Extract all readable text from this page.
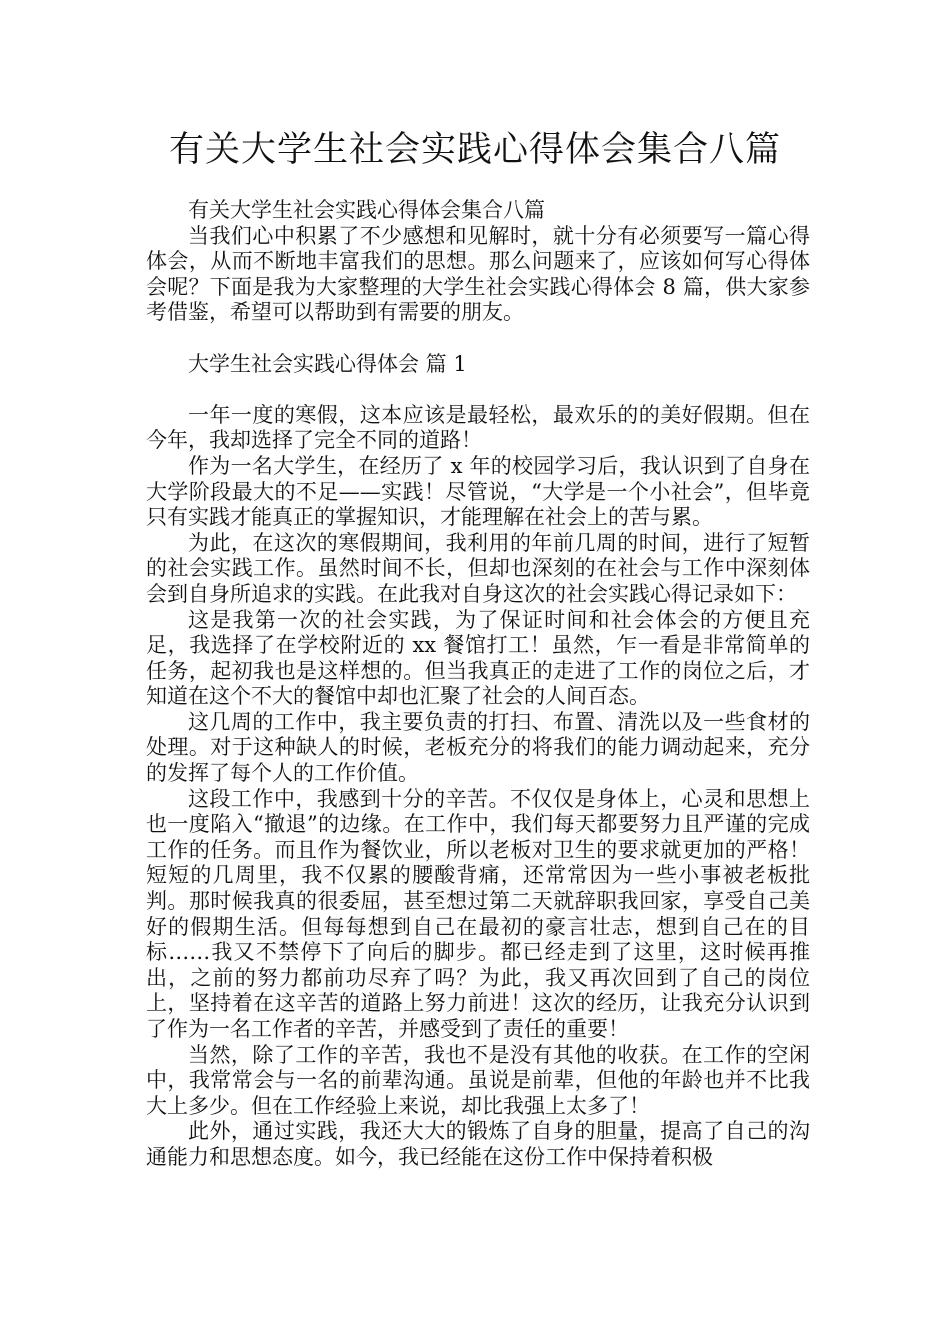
有关大学生社会实践心得体会集合八篇

有关大学生社会实践心得体会集合八篇

当我们心中积累了不少感想和见解时，就十分有必须要写一篇心得体会，从而不断地丰富我们的思想。那么问题来了，应该如何写心得体会呢？下面是我为大家整理的大学生社会实践心得体会 8 篇，供大家参考借鉴，希望可以帮助到有需要的朋友。

大学生社会实践心得体会 篇 1

一年一度的寒假，这本应该是最轻松，最欢乐的的美好假期。但在今年，我却选择了完全不同的道路！

作为一名大学生，在经历了 x 年的校园学习后，我认识到了自身在大学阶段最大的不足——实践！尽管说，“大学是一个小社会”，但毕竟只有实践才能真正的掌握知识，才能理解在社会上的苦与累。

为此，在这次的寒假期间，我利用的年前几周的时间，进行了短暂的社会实践工作。虽然时间不长，但却也深刻的在社会与工作中深刻体会到自身所追求的实践。在此我对自身这次的社会实践心得记录如下：

这是我第一次的社会实践，为了保证时间和社会体会的方便且充足，我选择了在学校附近的 xx 餐馆打工！虽然，乍一看是非常简单的任务，起初我也是这样想的。但当我真正的走进了工作的岗位之后，才知道在这个不大的餐馆中却也汇聚了社会的人间百态。

这几周的工作中，我主要负责的打扫、布置、清洗以及一些食材的处理。对于这种缺人的时候，老板充分的将我们的能力调动起来，充分的发挥了每个人的工作价值。

这段工作中，我感到十分的辛苦。不仅仅是身体上，心灵和思想上也一度陷入“撤退”的边缘。在工作中，我们每天都要努力且严谨的完成工作的任务。而且作为餐饮业，所以老板对卫生的要求就更加的严格！短短的几周里，我不仅累的腰酸背痛，还常常因为一些小事被老板批判。那时候我真的很委屈，甚至想过第二天就辞职我回家，享受自己美好的假期生活。但每每想到自己在最初的豪言壮志，想到自己在的目标……我又不禁停下了向后的脚步。都已经走到了这里，这时候再推出，之前的努力都前功尽弃了吗？为此，我又再次回到了自己的岗位上，坚持着在这辛苦的道路上努力前进！这次的经历，让我充分认识到了作为一名工作者的辛苦，并感受到了责任的重要！

当然，除了工作的辛苦，我也不是没有其他的收获。在工作的空闲中，我常常会与一名的前辈沟通。虽说是前辈，但他的年龄也并不比我大上多少。但在工作经验上来说，却比我强上太多了！

此外，通过实践，我还大大的锻炼了自身的胆量，提高了自己的沟通能力和思想态度。如今，我已经能在这份工作中保持着积极
